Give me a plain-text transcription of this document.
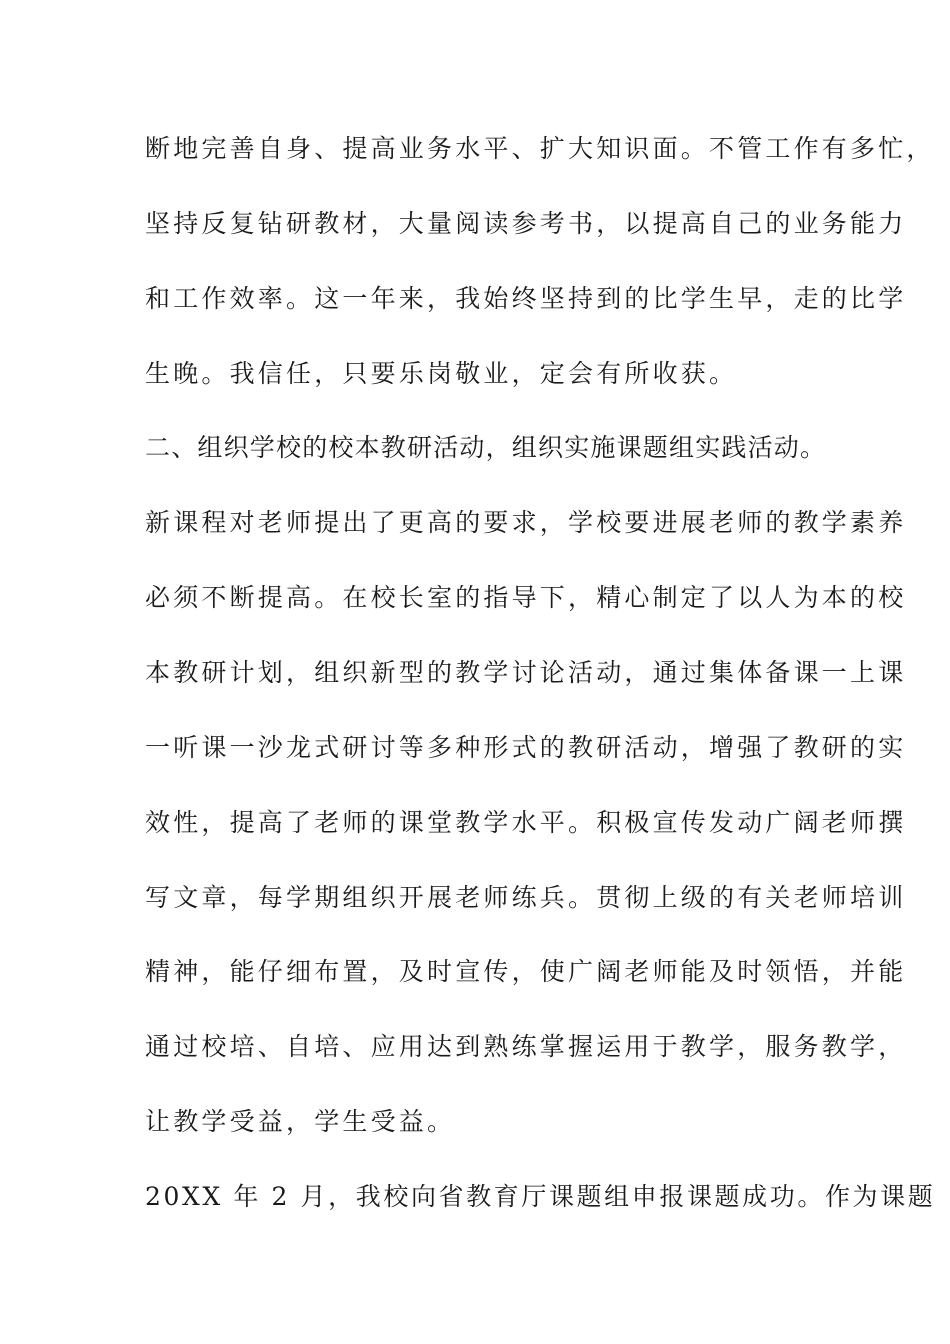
断地完善自身、提高业务水平、扩大知识面。不管工作有多忙，
坚持反复钻研教材，大量阅读参考书，以提高自己的业务能力
和工作效率。这一年来，我始终坚持到的比学生早，走的比学
生晚。我信任，只要乐岗敬业，定会有所收获。
二、组织学校的校本教研活动，组织实施课题组实践活动。
新课程对老师提出了更高的要求，学校要进展老师的教学素养
必须不断提高。在校长室的指导下，精心制定了以人为本的校
本教研计划，组织新型的教学讨论活动，通过集体备课一上课
一听课一沙龙式研讨等多种形式的教研活动，增强了教研的实
效性，提高了老师的课堂教学水平。积极宣传发动广阔老师撰
写文章，每学期组织开展老师练兵。贯彻上级的有关老师培训
精神，能仔细布置，及时宣传，使广阔老师能及时领悟，并能
通过校培、自培、应用达到熟练掌握运用于教学，服务教学，
让教学受益，学生受益。
20XX 年 2 月，我校向省教育厅课题组申报课题成功。作为课题
